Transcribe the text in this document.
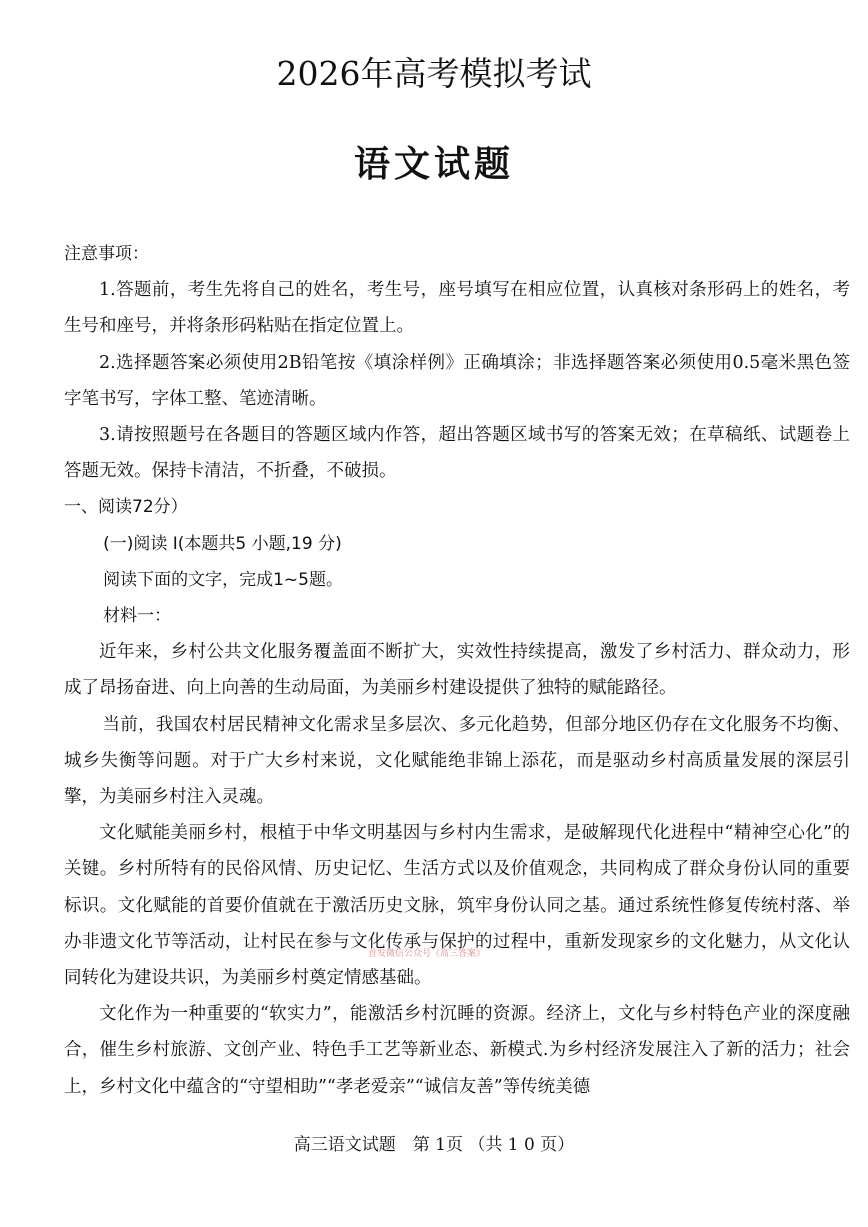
2026年高考模拟考试
语文试题

注意事项：

1.答题前，考生先将自己的姓名，考生号，座号填写在相应位置，认真核对条形码上的姓名，考生号和座号，并将条形码粘贴在指定位置上。

2.选择题答案必须使用2B铅笔按《填涂样例》正确填涂；非选择题答案必须使用0.5毫米黑色签字笔书写，字体工整、笔迹清晰。

3.请按照题号在各题目的答题区域内作答，超出答题区域书写的答案无效；在草稿纸、试题卷上答题无效。保持卡清洁，不折叠，不破损。

一、阅读72分）

(一)阅读 Ⅰ(本题共5 小题,19 分)

阅读下面的文字，完成1~5题。

材料一：

近年来，乡村公共文化服务覆盖面不断扩大，实效性持续提高，激发了乡村活力、群众动力，形成了昂扬奋进、向上向善的生动局面，为美丽乡村建设提供了独特的赋能路径。

当前，我国农村居民精神文化需求呈多层次、多元化趋势，但部分地区仍存在文化服务不均衡、城乡失衡等问题。对于广大乡村来说，文化赋能绝非锦上添花，而是驱动乡村高质量发展的深层引擎，为美丽乡村注入灵魂。

文化赋能美丽乡村，根植于中华文明基因与乡村内生需求，是破解现代化进程中“精神空心化”的关键。乡村所特有的民俗风情、历史记忆、生活方式以及价值观念，共同构成了群众身份认同的重要标识。文化赋能的首要价值就在于激活历史文脉，筑牢身份认同之基。通过系统性修复传统村落、举办非遗文化节等活动，让村民在参与文化传承与保护的过程中，重新发现家乡的文化魅力，从文化认同转化为建设共识，为美丽乡村奠定情感基础。

文化作为一种重要的“软实力”，能激活乡村沉睡的资源。经济上，文化与乡村特色产业的深度融合，催生乡村旅游、文创产业、特色手工艺等新业态、新模式.为乡村经济发展注入了新的活力；社会上，乡村文化中蕴含的“守望相助”“孝老爱亲”“诚信友善”等传统美德

首发微信公众号《高三答案》
高三语文试题　第 1页 （共 1 0 页）
